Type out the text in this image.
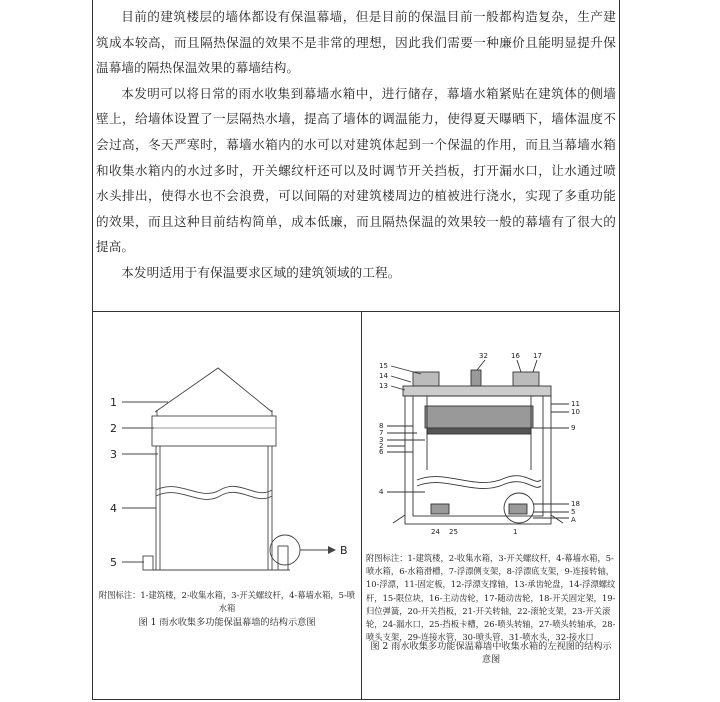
目前的建筑楼层的墙体都设有保温幕墙，但是目前的保温目前一般都构造复杂，生产建筑成本较高，而且隔热保温的效果不是非常的理想，因此我们需要一种廉价且能明显提升保温幕墙的隔热保温效果的幕墙结构。

本发明可以将日常的雨水收集到幕墙水箱中，进行储存，幕墙水箱紧贴在建筑体的侧墙壁上，给墙体设置了一层隔热水墙，提高了墙体的调温能力，使得夏天曝晒下，墙体温度不会过高，冬天严寒时，幕墙水箱内的水可以对建筑体起到一个保温的作用，而且当幕墙水箱和收集水箱内的水过多时，开关螺纹杆还可以及时调节开关挡板，打开漏水口，让水通过喷水头排出，使得水也不会浪费，可以间隔的对建筑楼周边的植被进行浇水，实现了多重功能的效果，而且这种目前结构简单，成本低廉，而且隔热保温的效果较一般的幕墙有了很大的提高。

本发明适用于有保温要求区域的建筑领域的工程。

1
2
3
4
5
B
附图标注：1-建筑楼，2-收集水箱，3-开关螺纹杆，4-幕墙水箱，5-喷水箱
图 1 雨水收集多功能保温幕墙的结构示意图
32	16 17
15
14
13
11
10
9
8
7
3
2
6
4
18
5
A
24 25	1
附图标注：1-建筑楼，2-收集水箱，3-开关螺纹杆，4-幕墙水箱，5-喷水箱，6-水箱滑槽，7-浮漂侧支架，8-浮漂底支架，9-连接转轴，10-浮漂，11-固定板，12-浮漂支撑轴，13-承齿轮盘，14-浮漂螺纹杆，15-限位块，16-主动齿轮，17-随动齿轮，18-开关固定架，19-归位弹簧，20-开关挡板，21-开关转轴，22-滚轮支架，23-开关滚轮，24-漏水口，25-挡板卡槽，26-喷头转轴，27-喷头转轴承，28-喷头支架，29-连接水管，30-喷头管，31-喷水头，32-接水口
图 2 雨水收集多功能保温幕墙中收集水箱的左视图的结构示意图
